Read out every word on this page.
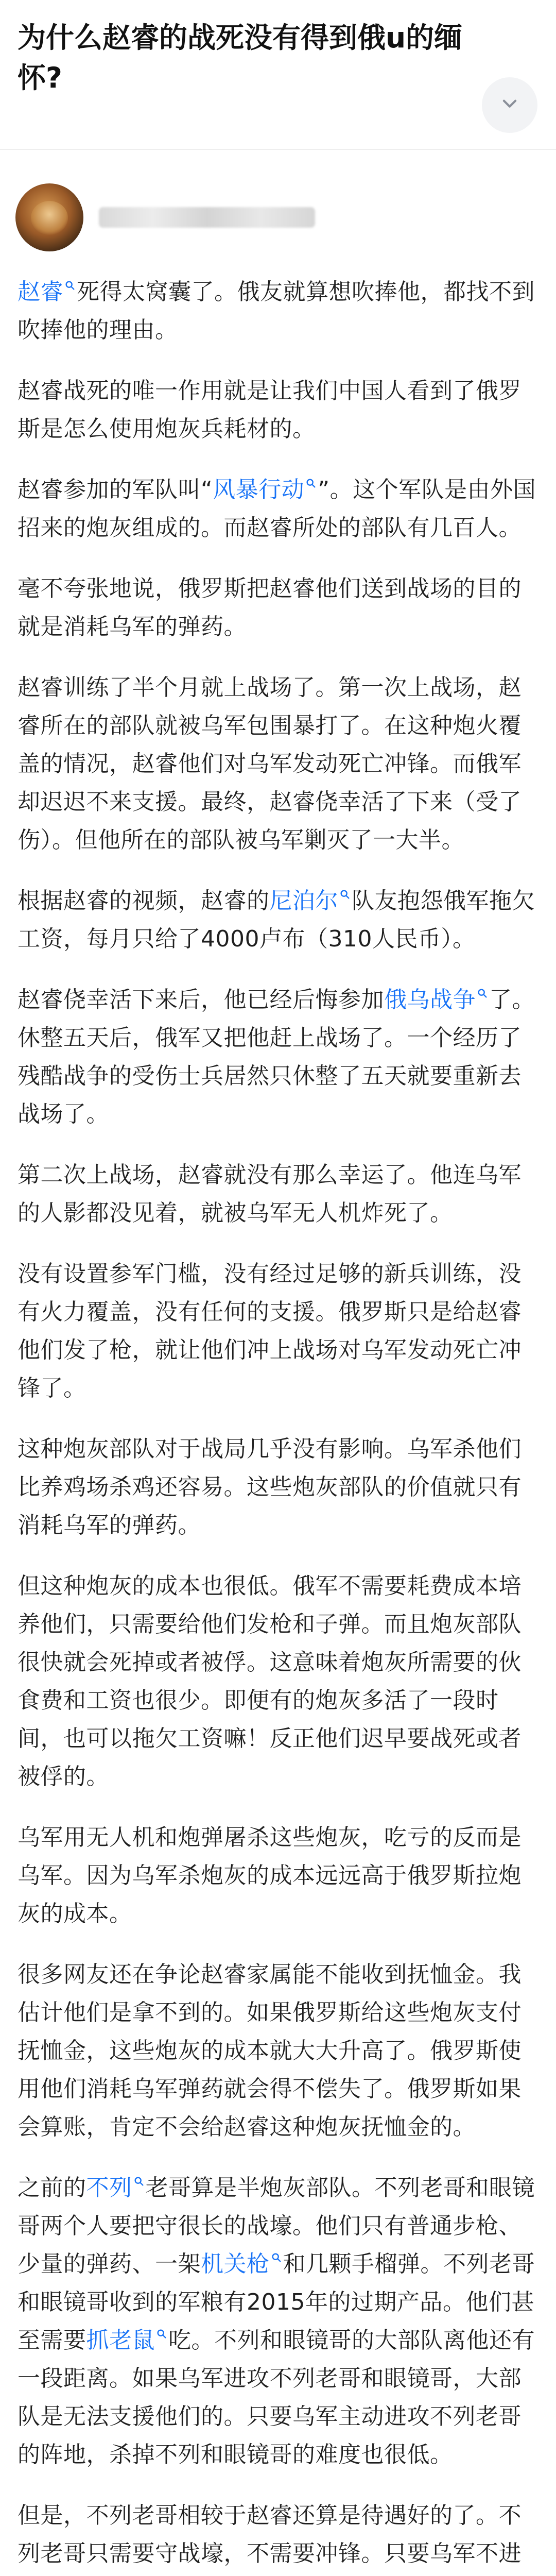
为什么赵睿的战死没有得到俄u的缅怀?

赵睿 死得太窝囊了。俄友就算想吹捧他，都找不到吹捧他的理由。

赵睿战死的唯一作用就是让我们中国人看到了俄罗斯是怎么使用炮灰兵耗材的。

赵睿参加的军队叫“风暴行动 ”。这个军队是由外国招来的炮灰组成的。而赵睿所处的部队有几百人。

毫不夸张地说，俄罗斯把赵睿他们送到战场的目的就是消耗乌军的弹药。

赵睿训练了半个月就上战场了。第一次上战场，赵睿所在的部队就被乌军包围暴打了。在这种炮火覆盖的情况，赵睿他们对乌军发动死亡冲锋。而俄军却迟迟不来支援。最终，赵睿侥幸活了下来（受了伤）。但他所在的部队被乌军剿灭了一大半。

根据赵睿的视频，赵睿的尼泊尔 队友抱怨俄军拖欠工资，每月只给了4000卢布（310人民币）。

赵睿侥幸活下来后，他已经后悔参加俄乌战争 了。休整五天后，俄军又把他赶上战场了。一个经历了残酷战争的受伤士兵居然只休整了五天就要重新去战场了。

第二次上战场，赵睿就没有那么幸运了。他连乌军的人影都没见着，就被乌军无人机炸死了。

没有设置参军门槛，没有经过足够的新兵训练，没有火力覆盖，没有任何的支援。俄罗斯只是给赵睿他们发了枪，就让他们冲上战场对乌军发动死亡冲锋了。

这种炮灰部队对于战局几乎没有影响。乌军杀他们比养鸡场杀鸡还容易。这些炮灰部队的价值就只有消耗乌军的弹药。

但这种炮灰的成本也很低。俄军不需要耗费成本培养他们，只需要给他们发枪和子弹。而且炮灰部队很快就会死掉或者被俘。这意味着炮灰所需要的伙食费和工资也很少。即便有的炮灰多活了一段时间，也可以拖欠工资嘛！反正他们迟早要战死或者被俘的。

乌军用无人机和炮弹屠杀这些炮灰，吃亏的反而是乌军。因为乌军杀炮灰的成本远远高于俄罗斯拉炮灰的成本。

很多网友还在争论赵睿家属能不能收到抚恤金。我估计他们是拿不到的。如果俄罗斯给这些炮灰支付抚恤金，这些炮灰的成本就大大升高了。俄罗斯使用他们消耗乌军弹药就会得不偿失了。俄罗斯如果会算账，肯定不会给赵睿这种炮灰抚恤金的。

之前的不列 老哥算是半炮灰部队。不列老哥和眼镜哥两个人要把守很长的战壕。他们只有普通步枪、少量的弹药、一架机关枪 和几颗手榴弹。不列老哥和眼镜哥收到的军粮有2015年的过期产品。他们甚至需要抓老鼠 吃。不列和眼镜哥的大部队离他还有一段距离。如果乌军进攻不列老哥和眼镜哥，大部队是无法支援他们的。只要乌军主动进攻不列老哥的阵地，杀掉不列和眼镜哥的难度也很低。

但是，不列老哥相较于赵睿还算是待遇好的了。不列老哥只需要守战壕，不需要冲锋。只要乌军不进
